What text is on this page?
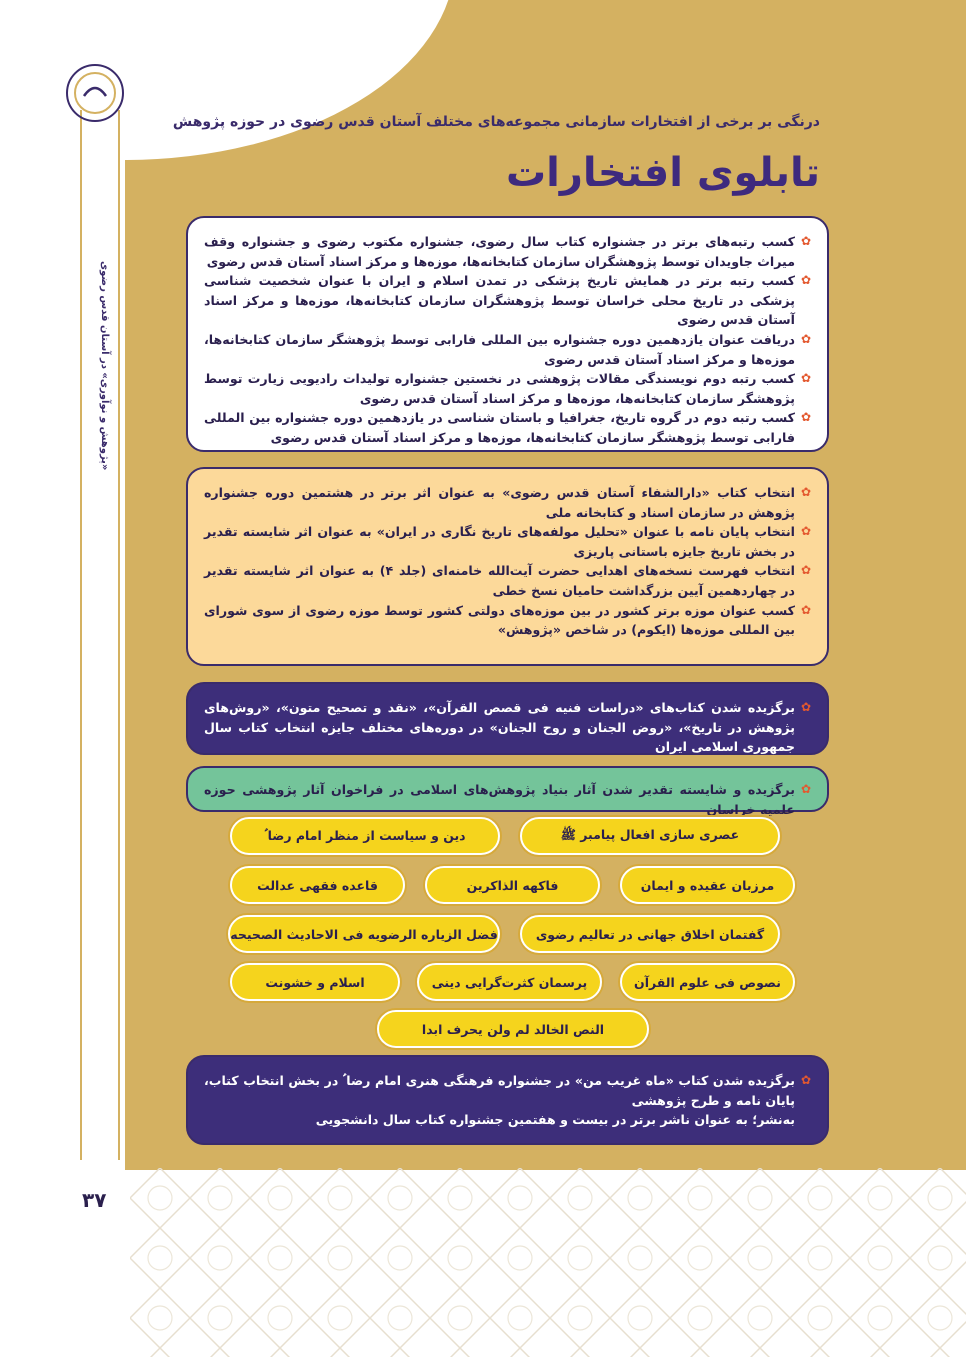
«پژوهش و نوآوری» در آستان قدس رضوی
۳۷
درنگی بر برخی از افتخارات سازمانی مجموعه‌های مختلف آستان قدس رضوی در حوزه پژوهش
تابلوی افتخارات
✿
کسب رتبه‌های برتر در جشنواره کتاب سال رضوی، جشنواره مکتوب رضوی و جشنواره وقف میراث جاویدان توسط پژوهشگران سازمان کتابخانه‌ها، موزه‌ها و مرکز اسناد آستان قدس رضوی
✿
کسب رتبه برتر در همایش تاریخ پزشکی در تمدن اسلام و ایران با عنوان شخصیت شناسی پزشکی در تاریخ محلی خراسان توسط پژوهشگران سازمان کتابخانه‌ها، موزه‌ها و مرکز اسناد آستان قدس رضوی
✿
دریافت عنوان یازدهمین دوره جشنواره بین المللی فارابی توسط پژوهشگر سازمان کتابخانه‌ها، موزه‌ها و مرکز اسناد آستان قدس رضوی
✿
کسب رتبه دوم نویسندگی مقالات پژوهشی در نخستین جشنواره تولیدات رادیویی زیارت توسط پژوهشگر سازمان کتابخانه‌ها، موزه‌ها و مرکز اسناد آستان قدس رضوی
✿
کسب رتبه دوم در گروه تاریخ، جغرافیا و باستان شناسی در یازدهمین دوره جشنواره بین المللی فارابی توسط پژوهشگر سازمان کتابخانه‌ها، موزه‌ها و مرکز اسناد آستان قدس رضوی
✿
انتخاب کتاب «دارالشفاء آستان قدس رضوی» به عنوان اثر برتر در هشتمین دوره جشنواره پژوهش در سازمان اسناد و کتابخانه ملی
✿
انتخاب پایان نامه با عنوان «تحلیل مولفه‌های تاریخ نگاری در ایران» به عنوان اثر شایسته تقدیر در بخش تاریخ جایزه باستانی پاریزی
✿
انتخاب فهرست نسخه‌های اهدایی حضرت آیت‌الله خامنه‌ای (جلد ۴) به عنوان اثر شایسته تقدیر در چهاردهمین آیین بزرگداشت حامیان نسخ خطی
✿
کسب عنوان موزه برتر کشور در بین موزه‌های دولتی کشور توسط موزه رضوی از سوی شورای بین المللی موزه‌ها (ایکوم) در شاخص «پژوهش»
✿
برگزیده شدن کتاب‌های «دراسات فنیه فی قصص القرآن»، «نقد و تصحیح متون»، «روش‌های پژوهش در تاریخ»، «روض الجنان و روح الجنان» در دوره‌های مختلف جایزه انتخاب کتاب سال جمهوری اسلامی ایران
✿
برگزیده و شایسته تقدیر شدن آثار بنیاد پژوهش‌های اسلامی در فراخوان آثار پژوهشی حوزه علمیه خراسان
عصری سازی افعال پیامبر ﷺ
دین و سیاست از منظر امام رضا ؑ
مرزبان عقیده و ایمان
فاکهه الذاکرین
قاعده فقهی عدالت
گفتمان اخلاق جهانی در تعالیم رضوی
فضل الزیاره الرضویه فی الاحادیث الصحیحه
نصوص فی علوم القرآن
پرسمان کثرت‌گرایی دینی
اسلام و خشونت
النص الخالد لم ولن یحرف ابدا
✿
برگزیده شدن کتاب «ماه غریب من» در جشنواره فرهنگی هنری امام رضا ؑ در بخش انتخاب کتاب، پایان نامه و طرح پژوهشی
به‌نشر؛ به عنوان ناشر برتر در بیست و هفتمین جشنواره کتاب سال دانشجویی
